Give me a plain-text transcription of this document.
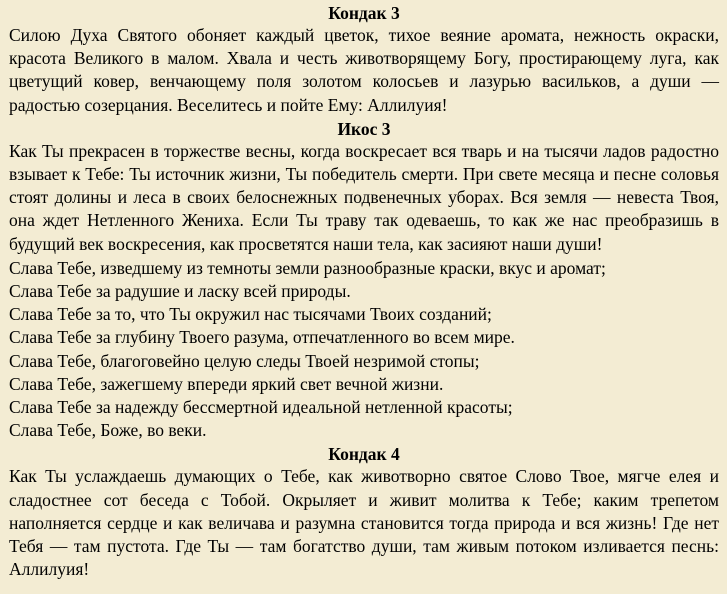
Кондак 3

Силою Духа Святого обоняет каждый цветок, тихое веяние аромата, нежность окраски, красота Великого в малом. Хвала и честь животворящему Богу, простирающему луга, как цветущий ковер, венчающему поля золотом колосьев и лазурью васильков, а души — радостью созерцания. Веселитесь и пойте Ему: Аллилуия!

Икос 3

Как Ты прекрасен в торжестве весны, когда воскресает вся тварь и на тысячи ладов радостно взывает к Тебе: Ты источник жизни, Ты победитель смерти. При свете месяца и песне соловья стоят долины и леса в своих белоснежных подвенечных уборах. Вся земля — невеста Твоя, она ждет Нетленного Жениха. Если Ты траву так одеваешь, то как же нас преобразишь в будущий век воскресения, как просветятся наши тела, как засияют наши души!

Слава Тебе, изведшему из темноты земли разнообразные краски, вкус и аромат;
Слава Тебе за радушие и ласку всей природы.
Слава Тебе за то, что Ты окружил нас тысячами Твоих созданий;
Слава Тебе за глубину Твоего разума, отпечатленного во всем мире.
Слава Тебе, благоговейно целую следы Твоей незримой стопы;
Слава Тебе, зажегшему впереди яркий свет вечной жизни.
Слава Тебе за надежду бессмертной идеальной нетленной красоты;
Слава Тебе, Боже, во веки.
Кондак 4

Как Ты услаждаешь думающих о Тебе, как животворно святое Слово Твое, мягче елея и сладостнее сот беседа с Тобой. Окрыляет и живит молитва к Тебе; каким трепетом наполняется сердце и как величава и разумна становится тогда природа и вся жизнь! Где нет Тебя — там пустота. Где Ты — там богатство души, там живым потоком изливается песнь: Аллилуия!
